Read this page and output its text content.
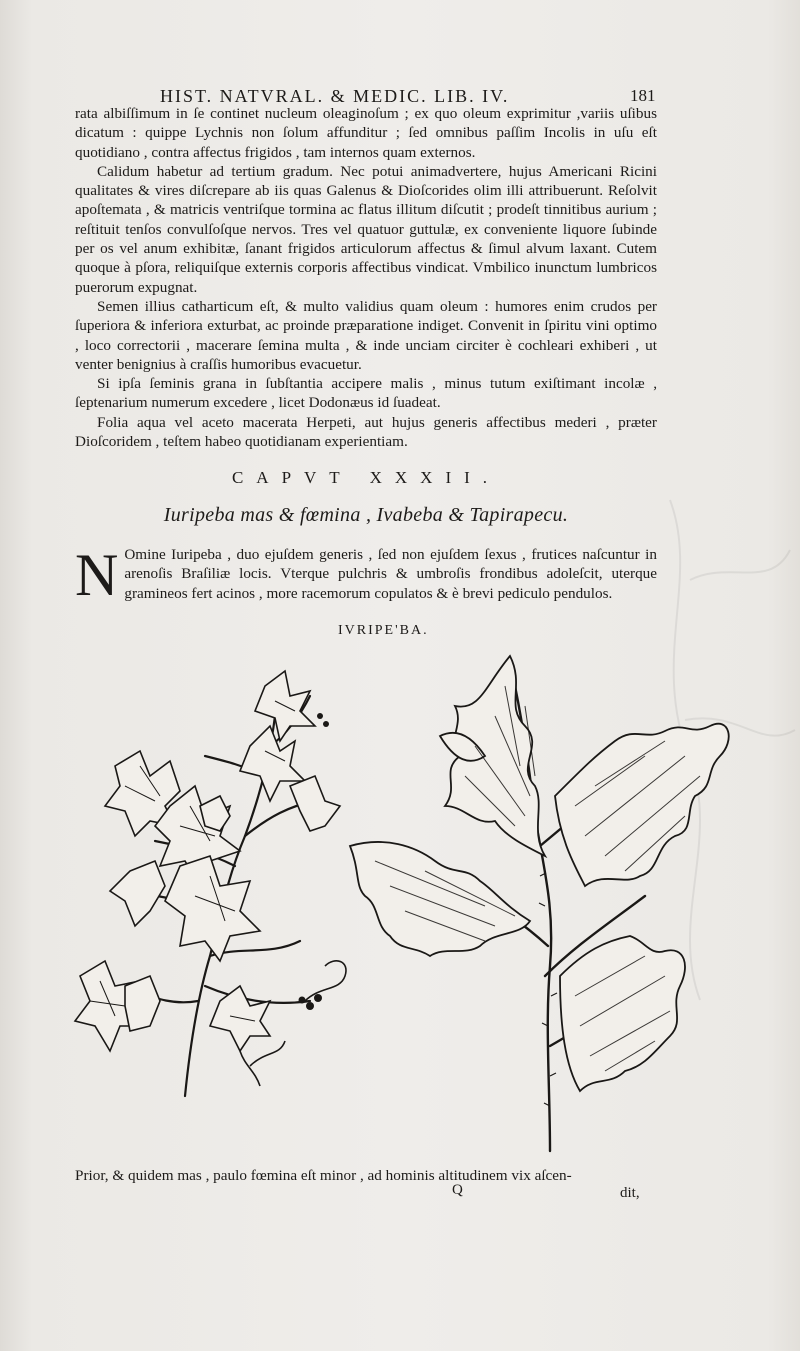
HIST. NATVRAL. & MEDIC. LIB. IV.	181

rata albiſſimum in ſe continet nucleum oleaginoſum ; ex quo oleum exprimitur ,variis uſibus dicatum : quippe Lychnis non ſolum affunditur ; ſed omnibus paſſim Incolis in uſu eſt quotidiano , contra affectus frigidos , tam internos quam externos.

Calidum habetur ad tertium gradum. Nec potui animadvertere, hujus Americani Ricini qualitates & vires diſcrepare ab iis quas Galenus & Dioſcorides olim illi attribuerunt. Reſolvit apoſtemata , & matricis ventriſque tormina ac flatus illitum diſcutit ; prodeſt tinnitibus aurium ; reſtituit tenſos convulſoſque nervos. Tres vel quatuor guttulæ, ex conveniente liquore ſubinde per os vel anum exhibitæ, ſanant frigidos articulorum affectus & ſimul alvum laxant. Cutem quoque à pſora, reliquiſque externis corporis affectibus vindicat. Vmbilico inunctum lumbricos puerorum expugnat.

Semen illius catharticum eſt, & multo validius quam oleum : humores enim crudos per ſuperiora & inferiora exturbat, ac proinde præparatione indiget. Convenit in ſpiritu vini optimo , loco correctorii , macerare ſemina multa , & inde unciam circiter è cochleari exhiberi , ut venter benignius à craſſis humoribus evacuetur.

Si ipſa ſeminis grana in ſubſtantia accipere malis , minus tutum exiſtimant incolæ , ſeptenarium numerum excedere , licet Dodonæus id ſuadeat.

Folia aqua vel aceto macerata Herpeti, aut hujus generis affectibus mederi , præter Dioſcoridem , teſtem habeo quotidianam experientiam.

CAPVT XXXII.
Iuripeba mas & fœmina , Ivabeba & Tapirapecu.
N Omine Iuripeba , duo ejuſdem generis , ſed non ejuſdem ſexus , frutices naſcuntur in arenoſis Braſiliæ locis. Vterque pulchris & umbroſis frondibus adoleſcit, uterque gramineos fert acinos , more racemorum copulatos & è brevi pediculo pendulos.
IVRIPE'BA.
Prior, & quidem mas , paulo fœmina eſt minor , ad hominis altitudinem vix aſcen-
Q	dit,
